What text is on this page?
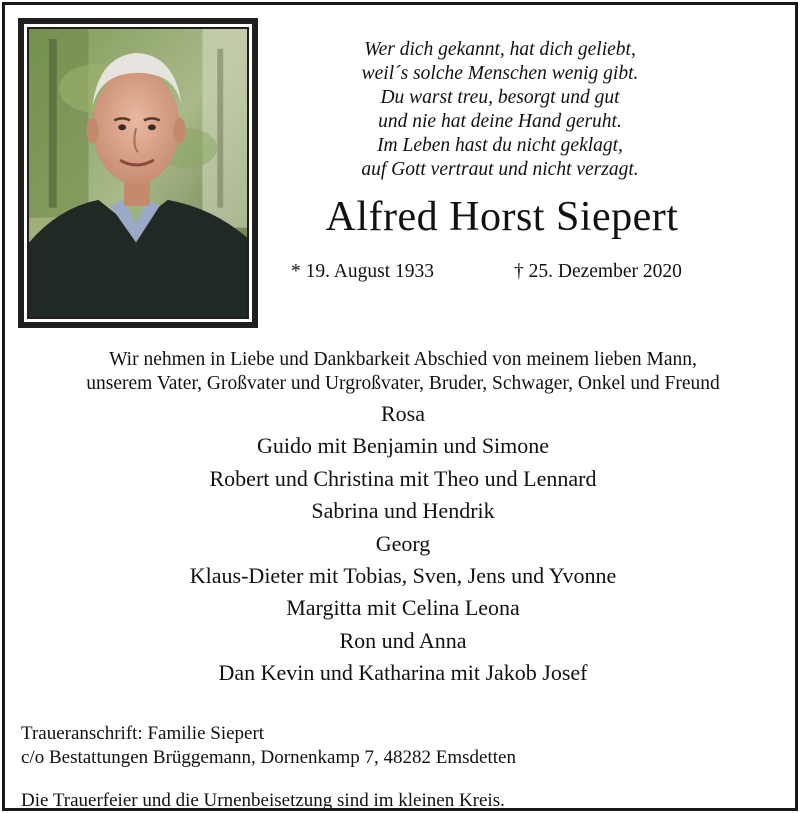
Wer dich gekannt, hat dich geliebt,
weil´s solche Menschen wenig gibt.
Du warst treu, besorgt und gut
und nie hat deine Hand geruht.
Im Leben hast du nicht geklagt,
auf Gott vertraut und nicht verzagt.
Alfred Horst Siepert
* 19. August 1933	† 25. Dezember 2020
Wir nehmen in Liebe und Dankbarkeit Abschied von meinem lieben Mann,
unserem Vater, Großvater und Urgroßvater, Bruder, Schwager, Onkel und Freund
Rosa
Guido mit Benjamin und Simone
Robert und Christina mit Theo und Lennard
Sabrina und Hendrik
Georg
Klaus-Dieter mit Tobias, Sven, Jens und Yvonne
Margitta mit Celina Leona
Ron und Anna
Dan Kevin und Katharina mit Jakob Josef
Traueranschrift: Familie Siepert
c/o Bestattungen Brüggemann, Dornenkamp 7, 48282 Emsdetten
Die Trauerfeier und die Urnenbeisetzung sind im kleinen Kreis.
